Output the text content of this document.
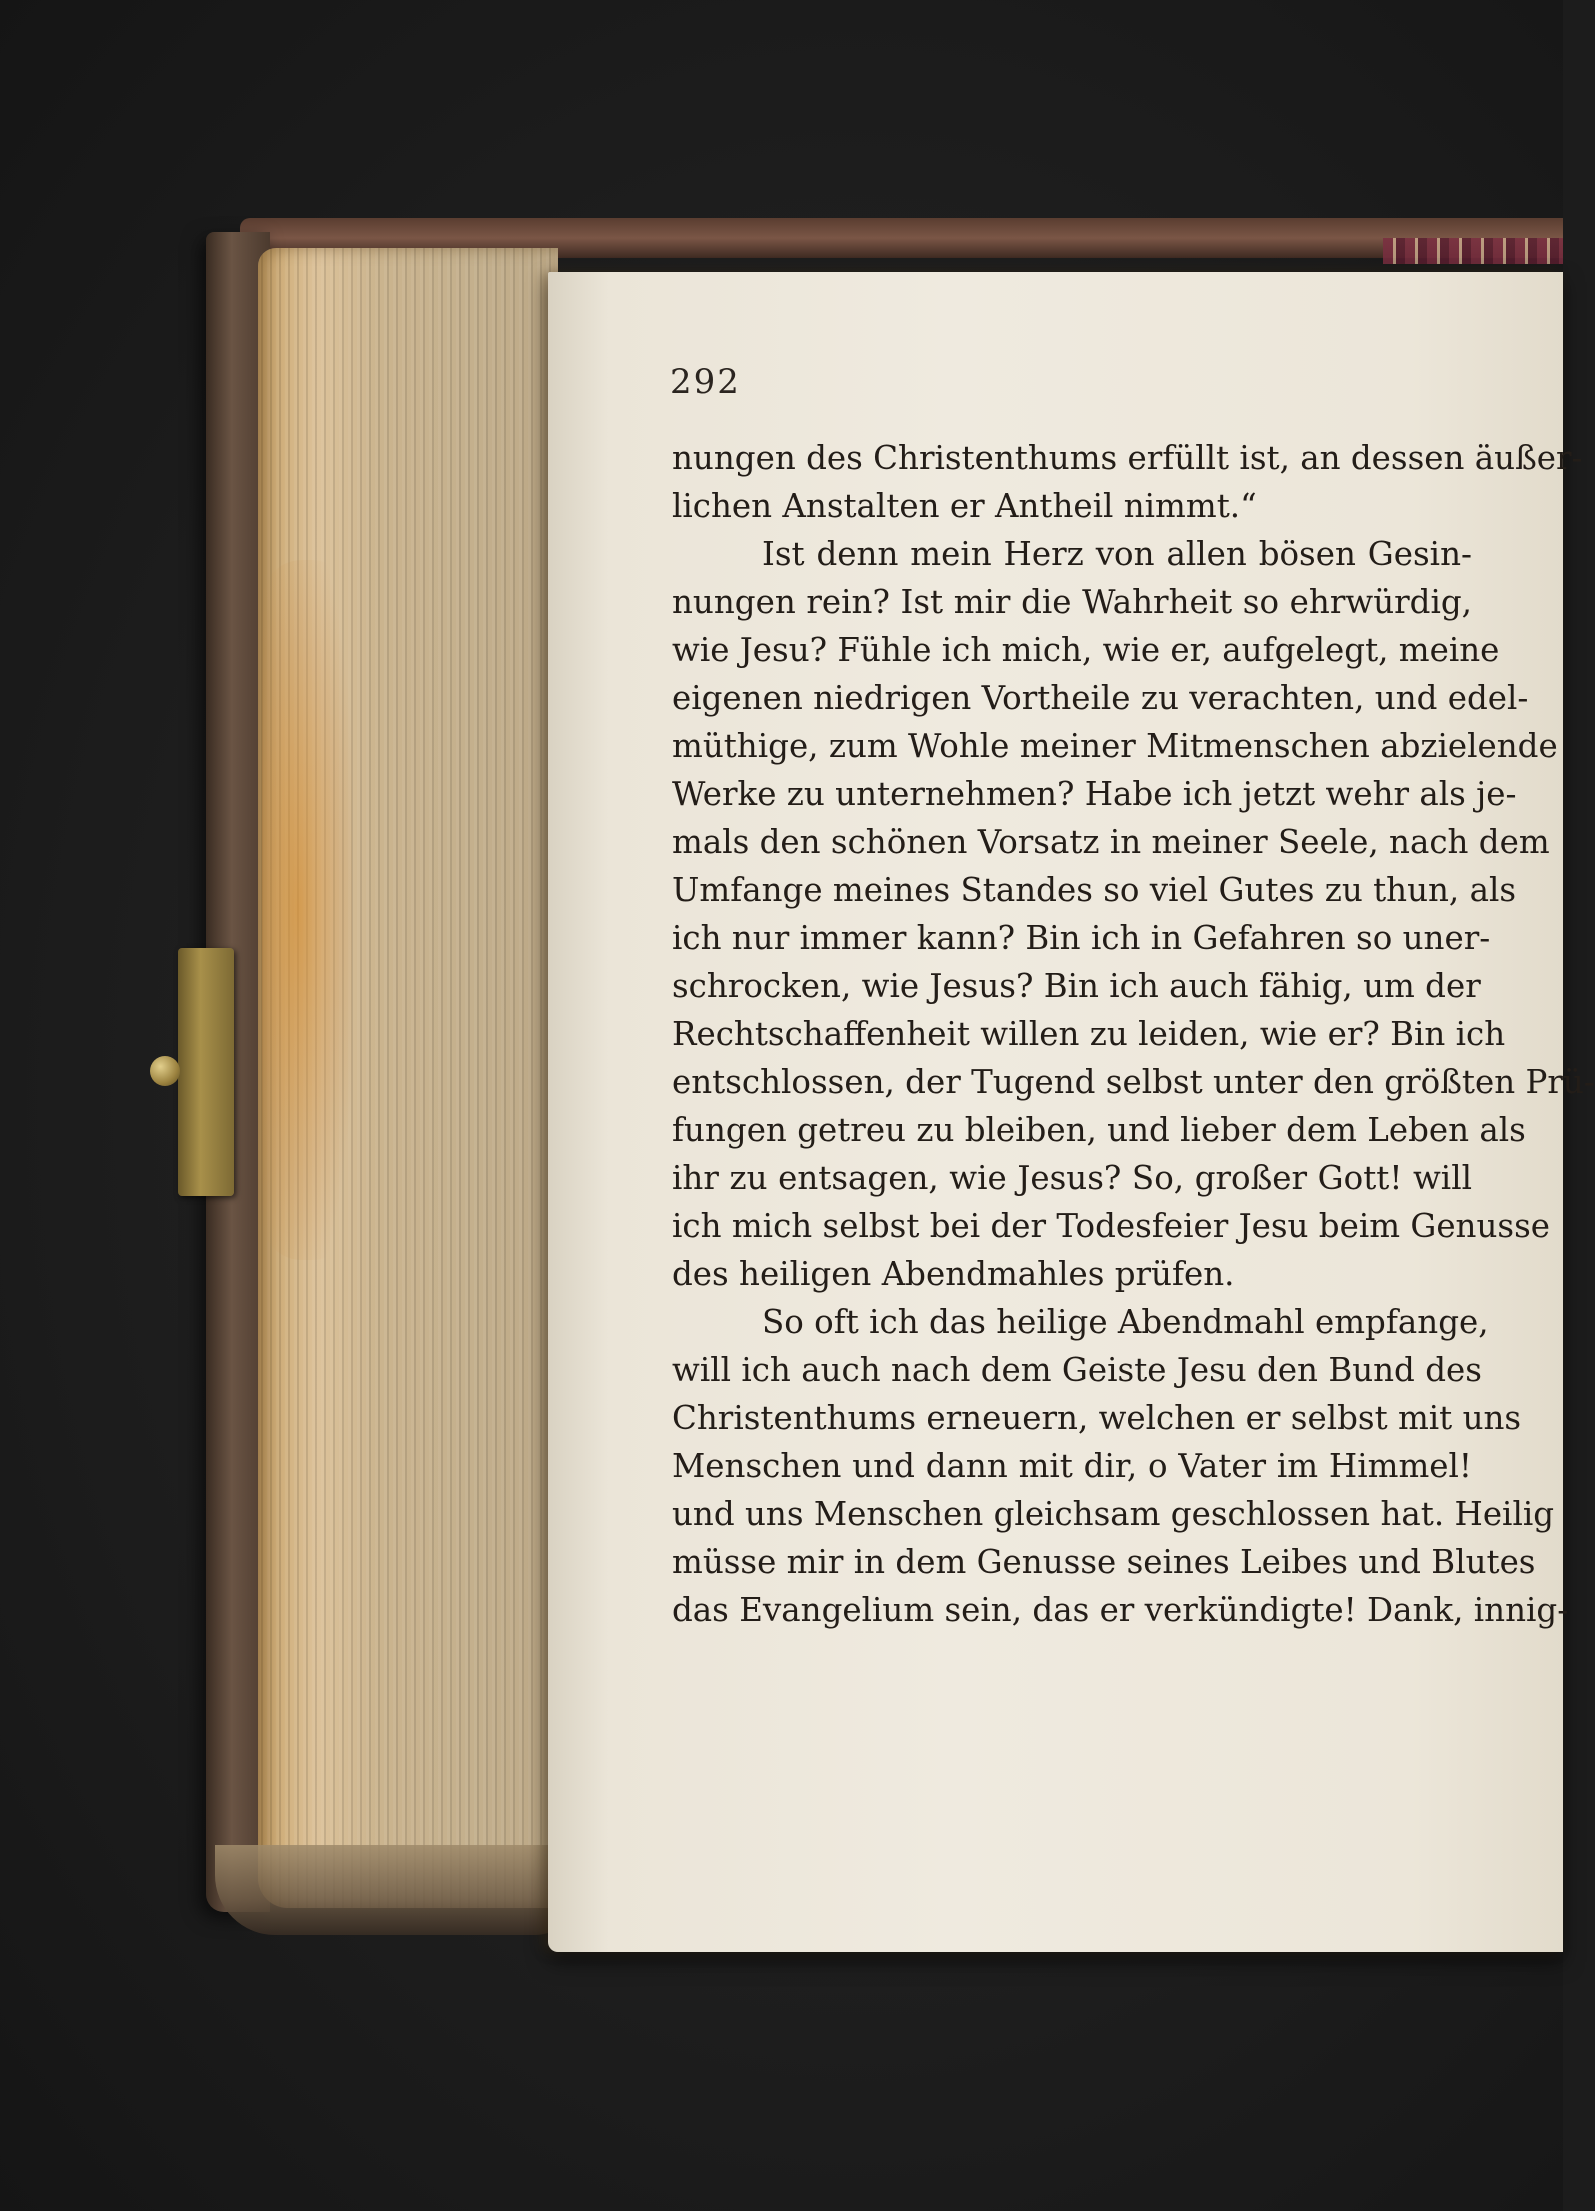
292

nungen des Christenthums erfüllt ist, an dessen äußer-
lichen Anstalten er Antheil nimmt.“
Ist denn mein Herz von allen bösen Gesin-
nungen rein? Ist mir die Wahrheit so ehrwürdig,
wie Jesu? Fühle ich mich, wie er, aufgelegt, meine
eigenen niedrigen Vortheile zu verachten, und edel-
müthige, zum Wohle meiner Mitmenschen abzielende
Werke zu unternehmen? Habe ich jetzt wehr als je-
mals den schönen Vorsatz in meiner Seele, nach dem
Umfange meines Standes so viel Gutes zu thun, als
ich nur immer kann? Bin ich in Gefahren so uner-
schrocken, wie Jesus? Bin ich auch fähig, um der
Rechtschaffenheit willen zu leiden, wie er? Bin ich
entschlossen, der Tugend selbst unter den größten Prü-
fungen getreu zu bleiben, und lieber dem Leben als
ihr zu entsagen, wie Jesus? So, großer Gott! will
ich mich selbst bei der Todesfeier Jesu beim Genusse
des heiligen Abendmahles prüfen.
So oft ich das heilige Abendmahl empfange,
will ich auch nach dem Geiste Jesu den Bund des
Christenthums erneuern, welchen er selbst mit uns
Menschen und dann mit dir, o Vater im Himmel!
und uns Menschen gleichsam geschlossen hat. Heilig
müsse mir in dem Genusse seines Leibes und Blutes
das Evangelium sein, das er verkündigte! Dank, innig-
